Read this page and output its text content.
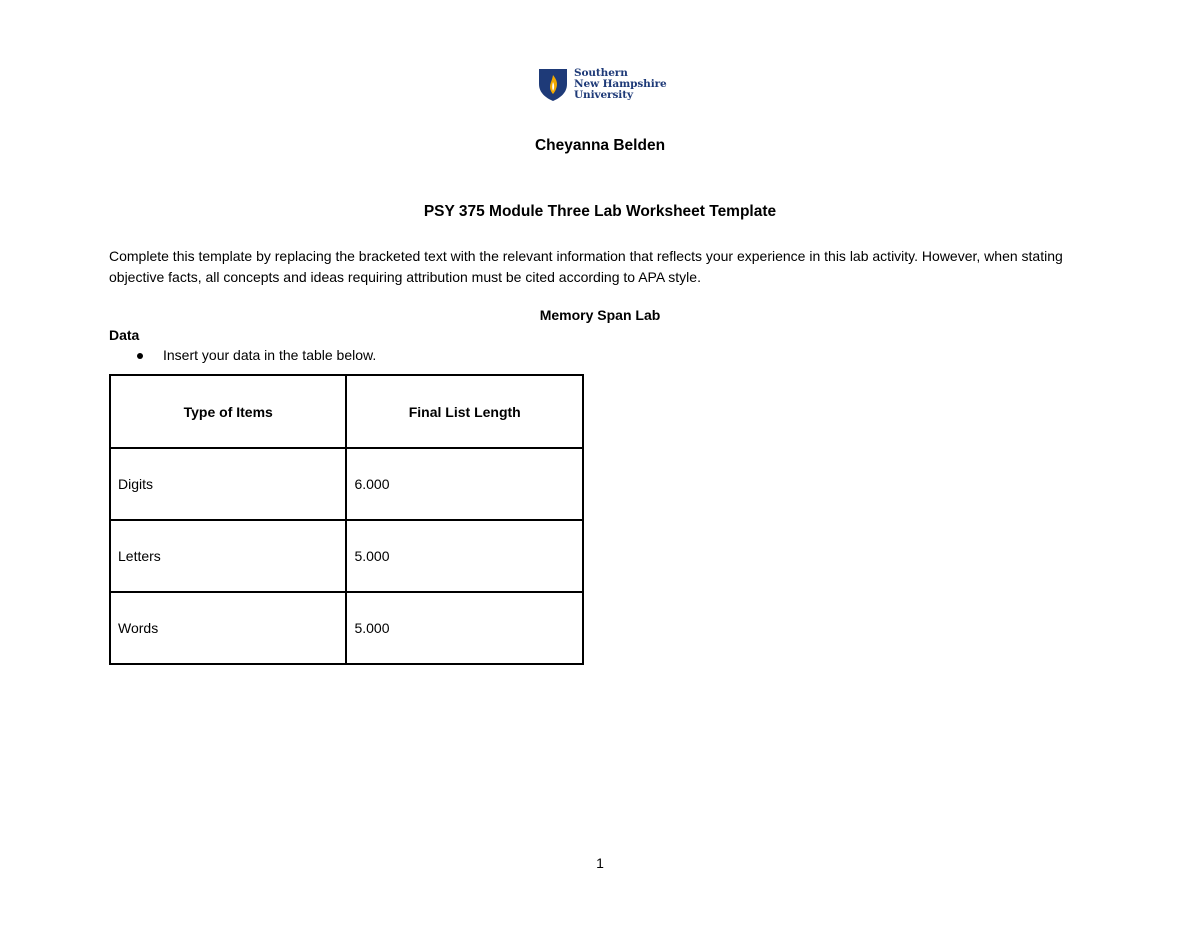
Southern
New Hampshire
University
Cheyanna Belden
PSY 375 Module Three Lab Worksheet Template
Complete this template by replacing the bracketed text with the relevant information that reflects your experience in this lab activity. However, when stating objective facts, all concepts and ideas requiring attribution must be cited according to APA style.
Memory Span Lab
Data
Insert your data in the table below.
Type of Items	Final List Length
Digits	6.000
Letters	5.000
Words	5.000
1
